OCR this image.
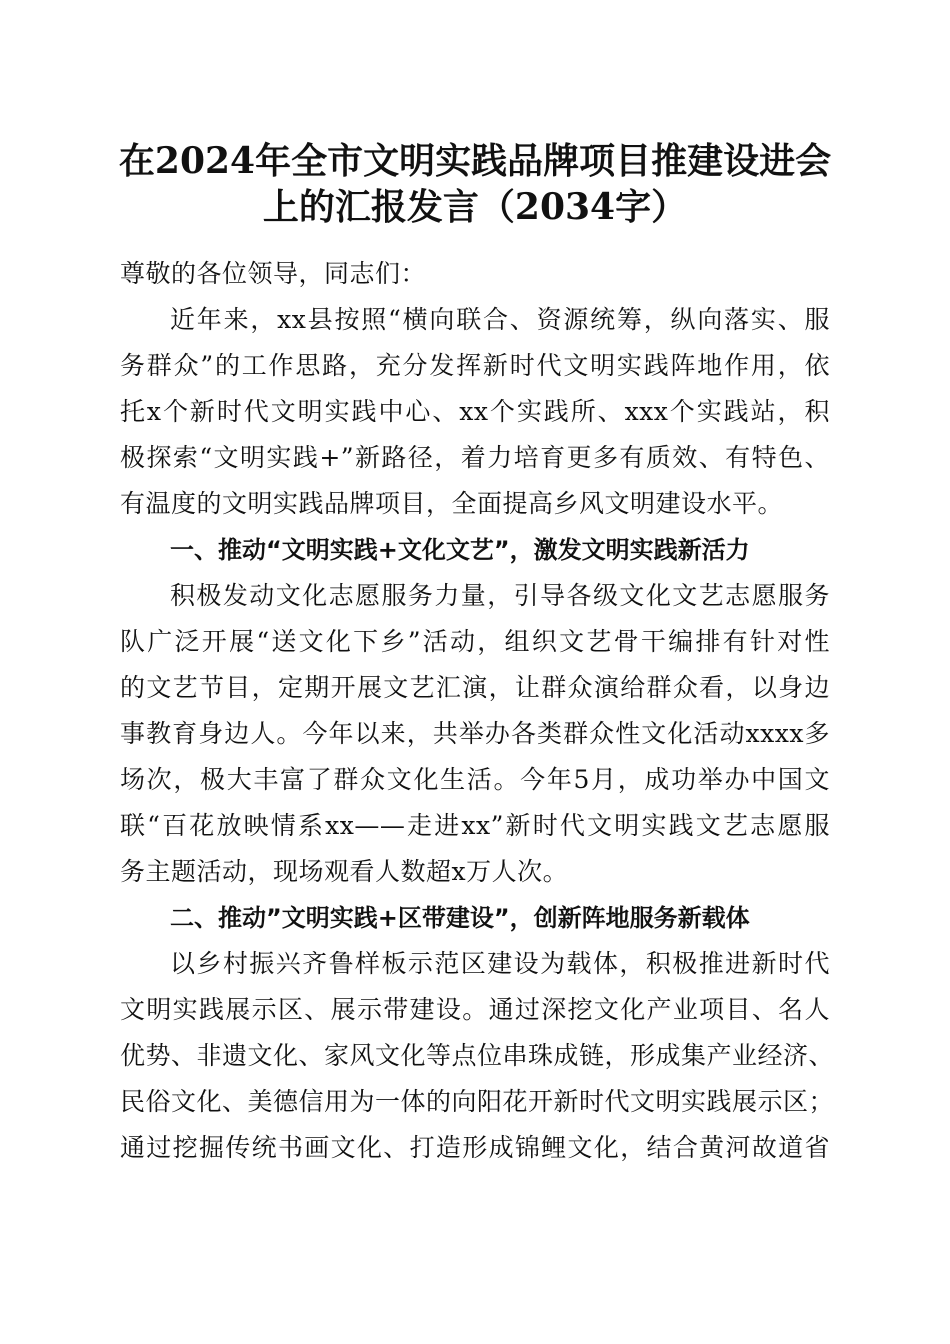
在2024年全市文明实践品牌项目推建设进会
上的汇报发言（2034字）
尊敬的各位领导，同志们：
近年来，xx县按照“横向联合、资源统筹，纵向落实、服
务群众”的工作思路，充分发挥新时代文明实践阵地作用，依
托x个新时代文明实践中心、xx个实践所、xxx个实践站，积
极探索“文明实践+”新路径，着力培育更多有质效、有特色、
有温度的文明实践品牌项目，全面提高乡风文明建设水平。
一、推动“文明实践+文化文艺”，激发文明实践新活力
积极发动文化志愿服务力量，引导各级文化文艺志愿服务
队广泛开展“送文化下乡”活动，组织文艺骨干编排有针对性
的文艺节目，定期开展文艺汇演，让群众演给群众看，以身边
事教育身边人。今年以来，共举办各类群众性文化活动xxxx多
场次，极大丰富了群众文化生活。今年5月，成功举办中国文
联“百花放映情系xx——走进xx”新时代文明实践文艺志愿服
务主题活动，现场观看人数超x万人次。
二、推动”文明实践+区带建设”，创新阵地服务新载体
以乡村振兴齐鲁样板示范区建设为载体，积极推进新时代
文明实践展示区、展示带建设。通过深挖文化产业项目、名人
优势、非遗文化、家风文化等点位串珠成链，形成集产业经济、
民俗文化、美德信用为一体的向阳花开新时代文明实践展示区；
通过挖掘传统书画文化、打造形成锦鲤文化，结合黄河故道省
